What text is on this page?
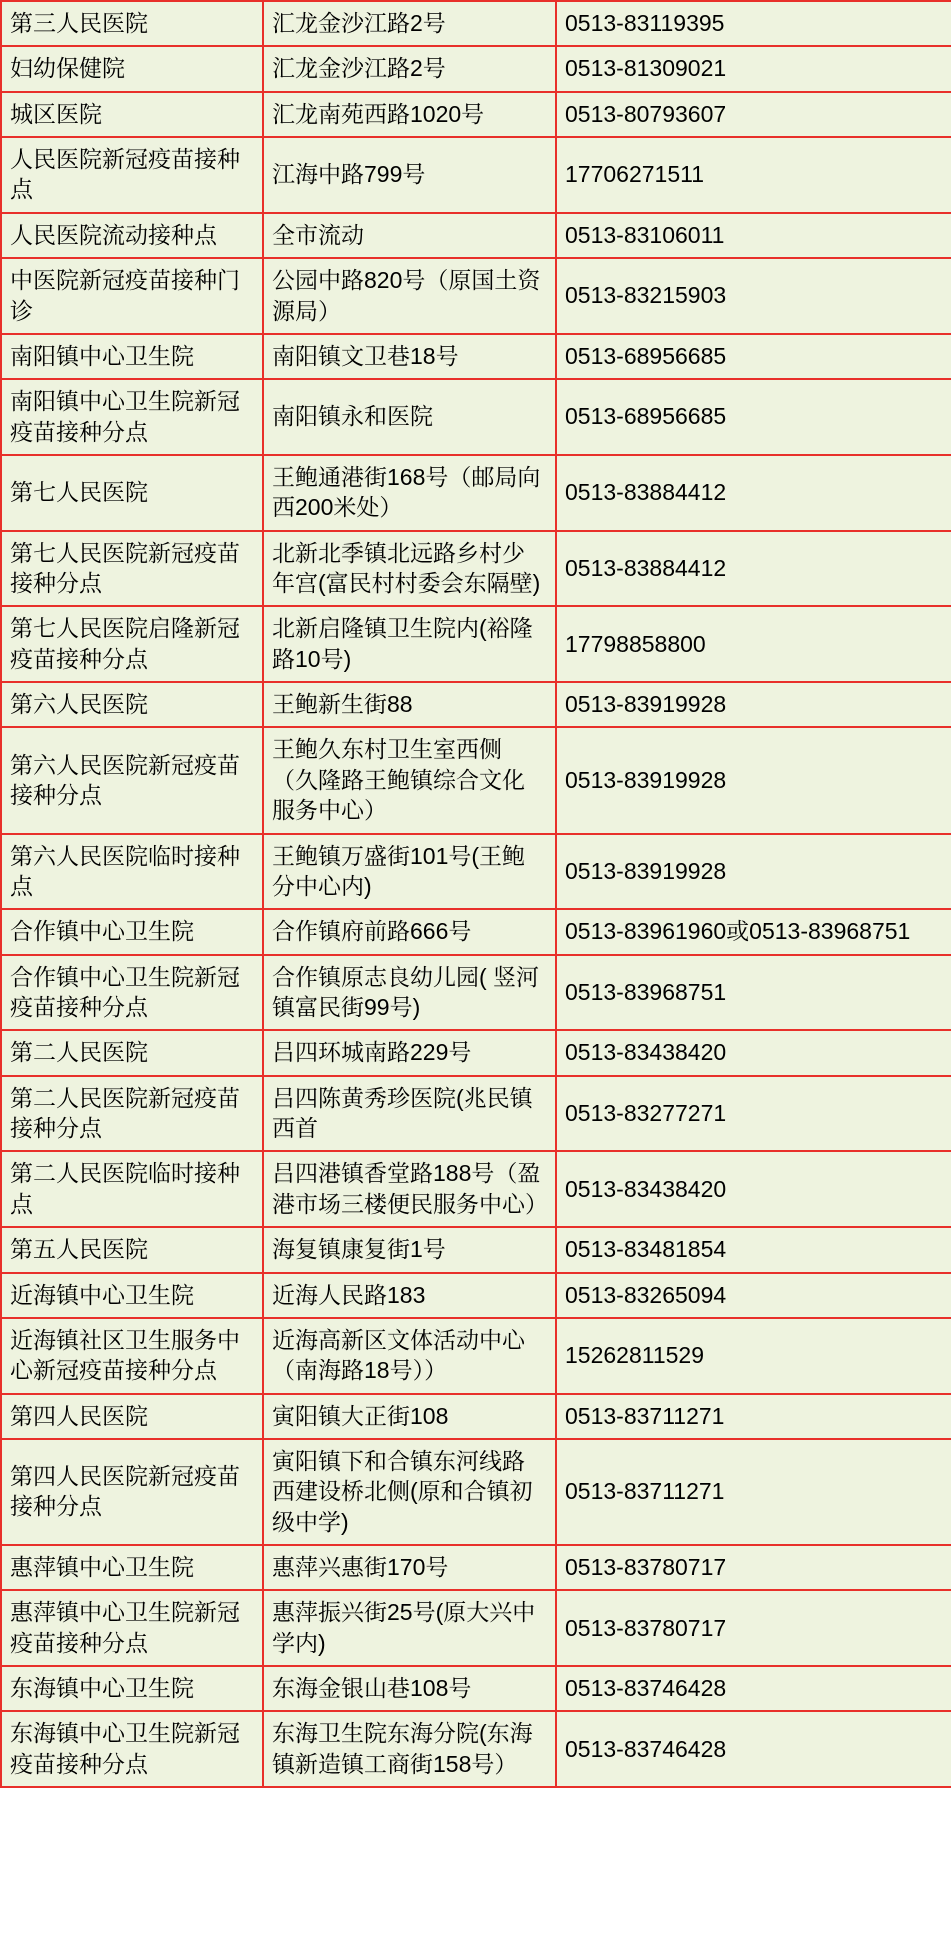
第三人民医院	汇龙金沙江路2号	0513-83119395
妇幼保健院	汇龙金沙江路2号	0513-81309021
城区医院	汇龙南苑西路1020号	0513-80793607
人民医院新冠疫苗接种点	江海中路799号	17706271511
人民医院流动接种点	全市流动	0513-83106011
中医院新冠疫苗接种门诊	公园中路820号（原国土资源局）	0513-83215903
南阳镇中心卫生院	南阳镇文卫巷18号	0513-68956685
南阳镇中心卫生院新冠疫苗接种分点	南阳镇永和医院	0513-68956685
第七人民医院	王鲍通港街168号（邮局向西200米处）	0513-83884412
第七人民医院新冠疫苗接种分点	北新北季镇北远路乡村少年宫(富民村村委会东隔壁)	0513-83884412
第七人民医院启隆新冠疫苗接种分点	北新启隆镇卫生院内(裕隆路10号)	17798858800
第六人民医院	王鲍新生街88	0513-83919928
第六人民医院新冠疫苗接种分点	王鲍久东村卫生室西侧（久隆路王鲍镇综合文化服务中心）	0513-83919928
第六人民医院临时接种点	王鲍镇万盛街101号(王鲍分中心内)	0513-83919928
合作镇中心卫生院	合作镇府前路666号	0513-83961960或0513-83968751
合作镇中心卫生院新冠疫苗接种分点	合作镇原志良幼儿园( 竖河镇富民街99号)	0513-83968751
第二人民医院	吕四环城南路229号	0513-83438420
第二人民医院新冠疫苗接种分点	吕四陈黄秀珍医院(兆民镇西首	0513-83277271
第二人民医院临时接种点	吕四港镇香堂路188号（盈港市场三楼便民服务中心）	0513-83438420
第五人民医院	海复镇康复街1号	0513-83481854
近海镇中心卫生院	近海人民路183	0513-83265094
近海镇社区卫生服务中心新冠疫苗接种分点	近海高新区文体活动中心（南海路18号））	15262811529
第四人民医院	寅阳镇大正街108	0513-83711271
第四人民医院新冠疫苗接种分点	寅阳镇下和合镇东河线路西建设桥北侧(原和合镇初级中学)	0513-83711271
惠萍镇中心卫生院	惠萍兴惠街170号	0513-83780717
惠萍镇中心卫生院新冠疫苗接种分点	惠萍振兴街25号(原大兴中学内)	0513-83780717
东海镇中心卫生院	东海金银山巷108号	0513-83746428
东海镇中心卫生院新冠疫苗接种分点	东海卫生院东海分院(东海镇新造镇工商街158号）	0513-83746428
